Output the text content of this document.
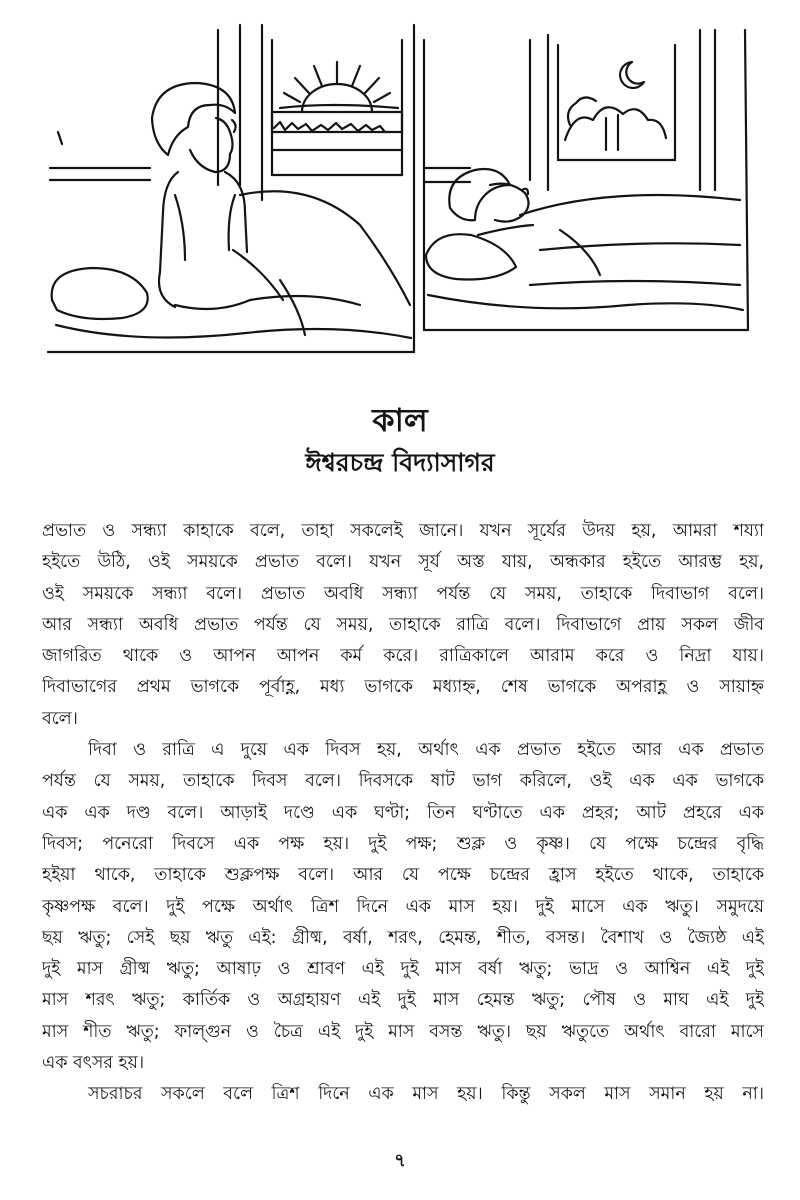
কাল
ঈশ্বরচন্দ্র বিদ্যাসাগর
প্রভাত ও সন্ধ্যা কাহাকে বলে, তাহা সকলেই জানে। যখন সূর্যের উদয় হয়, আমরা শয্যা
হইতে উঠি, ওই সময়কে প্রভাত বলে। যখন সূর্য অস্ত যায়, অন্ধকার হইতে আরম্ভ হয়,
ওই সময়কে সন্ধ্যা বলে। প্রভাত অবধি সন্ধ্যা পর্যন্ত যে সময়, তাহাকে দিবাভাগ বলে।
আর সন্ধ্যা অবধি প্রভাত পর্যন্ত যে সময়, তাহাকে রাত্রি বলে। দিবাভাগে প্রায় সকল জীব
জাগরিত থাকে ও আপন আপন কর্ম করে। রাত্রিকালে আরাম করে ও নিদ্রা যায়।
দিবাভাগের প্রথম ভাগকে পূর্বাহ্ণ, মধ্য ভাগকে মধ্যাহ্ন, শেষ ভাগকে অপরাহ্ণ ও সায়াহ্ন
বলে।
দিবা ও রাত্রি এ দুয়ে এক দিবস হয়, অর্থাৎ এক প্রভাত হইতে আর এক প্রভাত
পর্যন্ত যে সময়, তাহাকে দিবস বলে। দিবসকে ষাট ভাগ করিলে, ওই এক এক ভাগকে
এক এক দণ্ড বলে। আড়াই দণ্ডে এক ঘণ্টা; তিন ঘণ্টাতে এক প্রহর; আট প্রহরে এক
দিবস; পনেরো দিবসে এক পক্ষ হয়। দুই পক্ষ; শুক্ল ও কৃষ্ণ। যে পক্ষে চন্দ্রের বৃদ্ধি
হইয়া থাকে, তাহাকে শুক্লপক্ষ বলে। আর যে পক্ষে চন্দ্রের হ্রাস হইতে থাকে, তাহাকে
কৃষ্ণপক্ষ বলে। দুই পক্ষে অর্থাৎ ত্রিশ দিনে এক মাস হয়। দুই মাসে এক ঋতু। সমুদয়ে
ছয় ঋতু; সেই ছয় ঋতু এই: গ্রীষ্ম, বর্ষা, শরৎ, হেমন্ত, শীত, বসন্ত। বৈশাখ ও জ্যৈষ্ঠ এই
দুই মাস গ্রীষ্ম ঋতু; আষাঢ় ও শ্রাবণ এই দুই মাস বর্ষা ঋতু; ভাদ্র ও আশ্বিন এই দুই
মাস শরৎ ঋতু; কার্তিক ও অগ্রহায়ণ এই দুই মাস হেমন্ত ঋতু; পৌষ ও মাঘ এই দুই
মাস শীত ঋতু; ফাল্গুন ও চৈত্র এই দুই মাস বসন্ত ঋতু। ছয় ঋতুতে অর্থাৎ বারো মাসে
এক বৎসর হয়।
সচরাচর সকলে বলে ত্রিশ দিনে এক মাস হয়। কিন্তু সকল মাস সমান হয় না।
৭
